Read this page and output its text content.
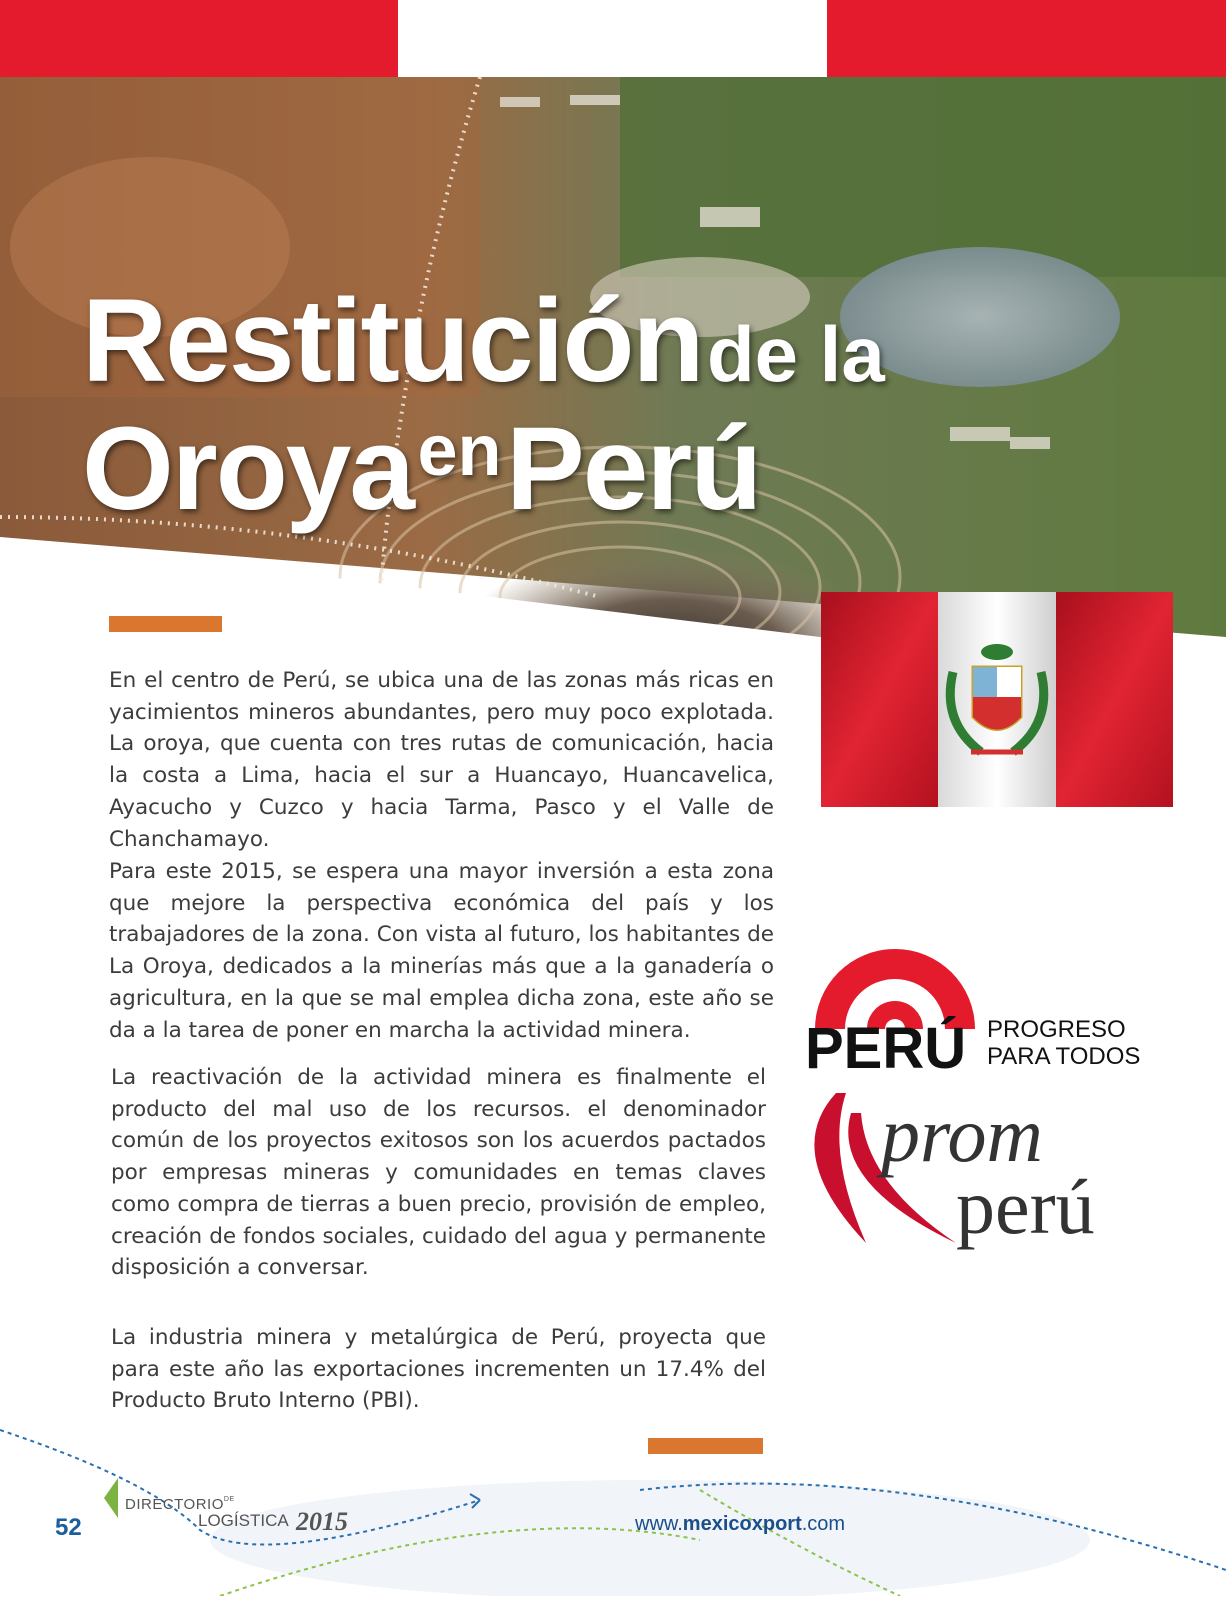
Restitución de la
Oroya en Perú

En el centro de Perú, se ubica una de las zonas más ricas en yacimientos mineros abundantes, pero muy poco explotada. La oroya, que cuenta con tres rutas de comunicación, hacia la costa a Lima, hacia el sur a Huancayo, Huancavelica, Ayacucho y Cuzco y hacia Tarma, Pasco y el Valle de Chanchamayo.

Para este 2015, se espera una mayor inversión a esta zona que mejore la perspectiva económica del país y los trabajadores de la zona. Con vista al futuro, los habitantes de La Oroya, dedicados a la minerías más que a la ganadería o agricultura, en la que se mal emplea dicha zona, este año se da a la tarea de poner en marcha la actividad minera.

La reactivación de la actividad minera es finalmente el producto del mal uso de los recursos. el denominador común de los proyectos exitosos son los acuerdos pactados por empresas mineras y comunidades en temas claves como compra de tierras a buen precio, provisión de empleo, creación de fondos sociales, cuidado del agua y permanente disposición a conversar.

La industria minera y metalúrgica de Perú, proyecta que para este año las exportaciones incrementen un 17.4% del Producto Bruto Interno (PBI).

PERÚ PROGRESO
PARA TODOS
prom
perú
52
$DIRECTORIO^{DE}$
LOGÍSTICA 2015	www.mexicoxport.com
